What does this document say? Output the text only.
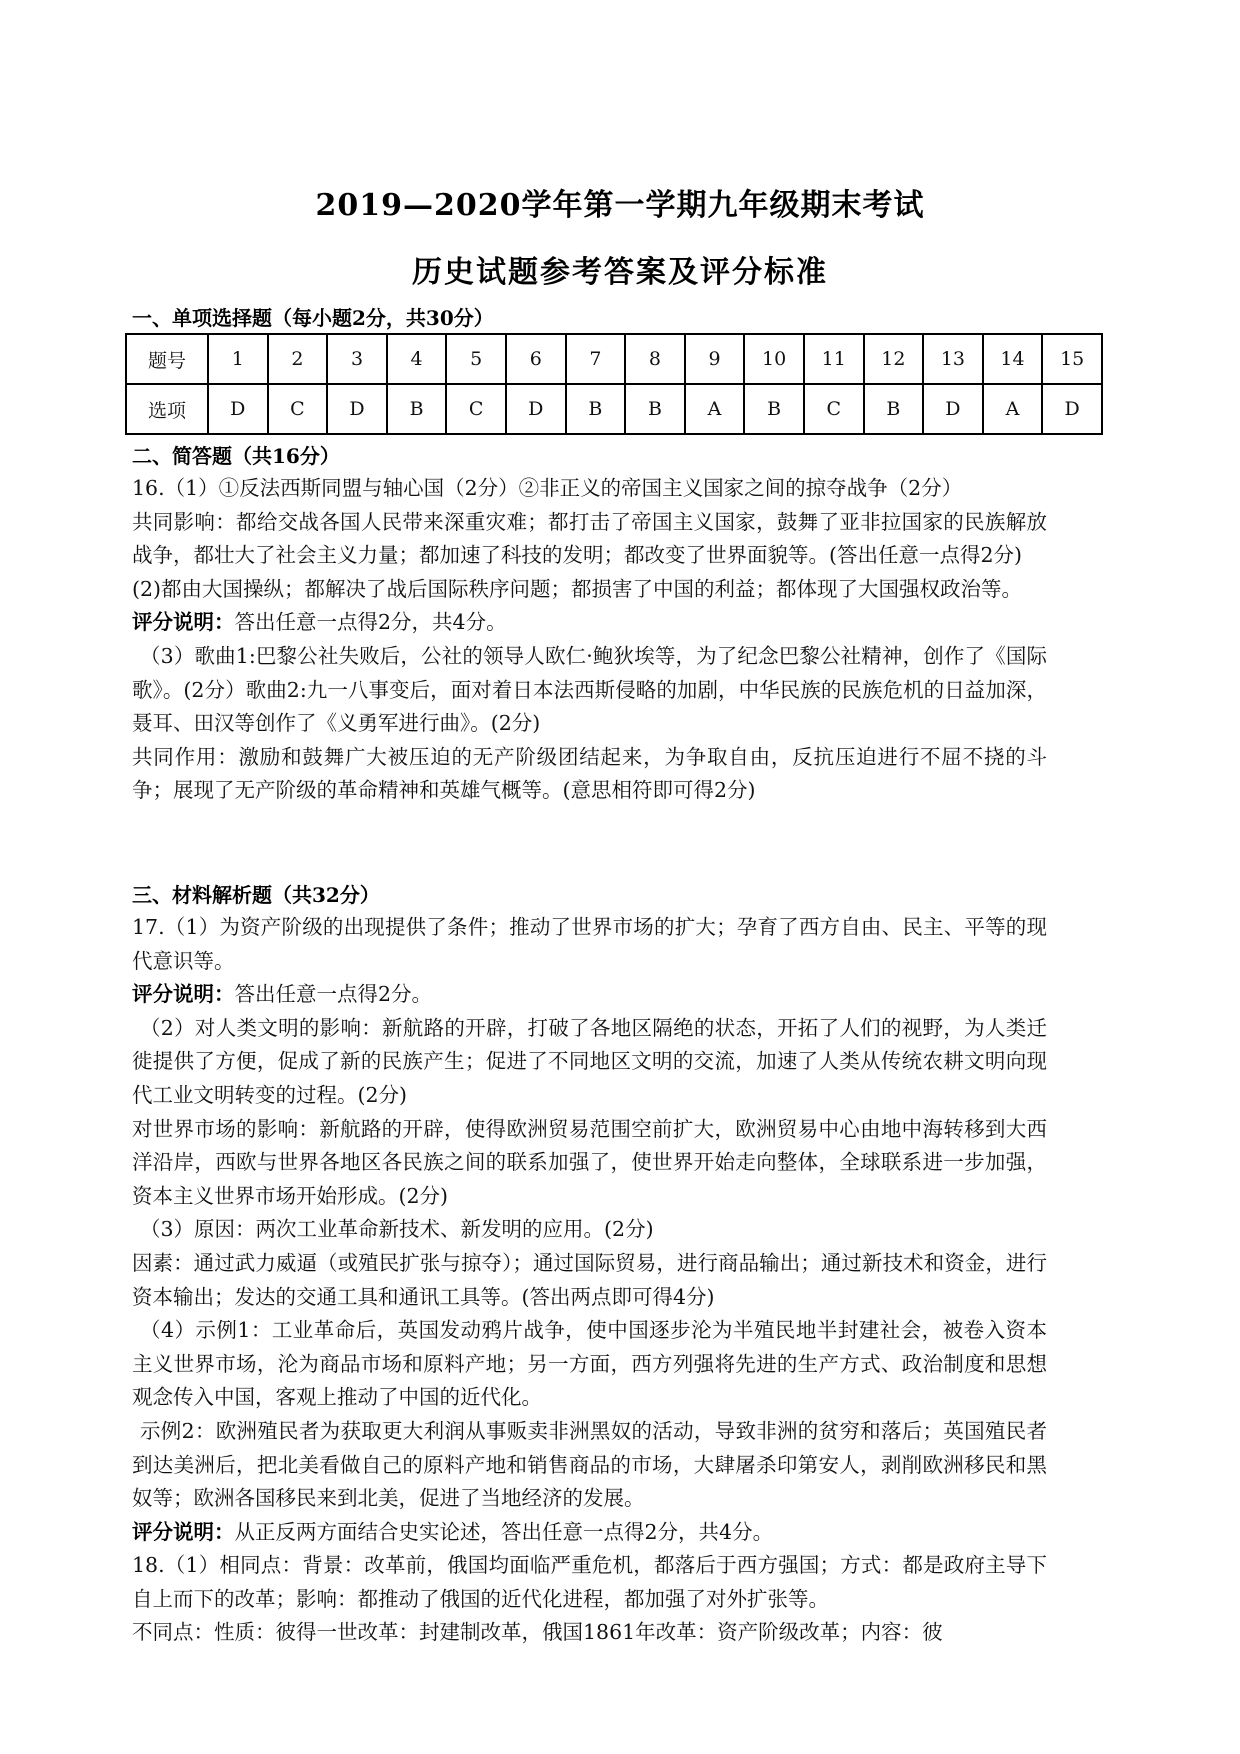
2019—2020学年第一学期九年级期末考试
历史试题参考答案及评分标准
一、单项选择题（每小题2分，共30分）
题号	1	2	3	4	5	6	7	8	9	10	11	12	13	14	15
选项	D	C	D	B	C	D	B	B	A	B	C	B	D	A	D
二、简答题（共16分）

16.（1）①反法西斯同盟与轴心国（2分）②非正义的帝国主义国家之间的掠夺战争（2分）

共同影响：都给交战各国人民带来深重灾难；都打击了帝国主义国家，鼓舞了亚非拉国家的民族解放战争，都壮大了社会主义力量；都加速了科技的发明；都改变了世界面貌等。(答出任意一点得2分)

(2)都由大国操纵；都解决了战后国际秩序问题；都损害了中国的利益；都体现了大国强权政治等。

评分说明：答出任意一点得2分，共4分。

（3）歌曲1:巴黎公社失败后，公社的领导人欧仁·鲍狄埃等，为了纪念巴黎公社精神，创作了《国际歌》。(2分）歌曲2:九一八事变后，面对着日本法西斯侵略的加剧，中华民族的民族危机的日益加深，聂耳、田汉等创作了《义勇军进行曲》。(2分)

共同作用：激励和鼓舞广大被压迫的无产阶级团结起来，为争取自由，反抗压迫进行不屈不挠的斗争；展现了无产阶级的革命精神和英雄气概等。(意思相符即可得2分)

三、材料解析题（共32分）

17.（1）为资产阶级的出现提供了条件；推动了世界市场的扩大；孕育了西方自由、民主、平等的现代意识等。

评分说明：答出任意一点得2分。

（2）对人类文明的影响：新航路的开辟，打破了各地区隔绝的状态，开拓了人们的视野，为人类迁徙提供了方便，促成了新的民族产生；促进了不同地区文明的交流，加速了人类从传统农耕文明向现代工业文明转变的过程。(2分)

对世界市场的影响：新航路的开辟，使得欧洲贸易范围空前扩大，欧洲贸易中心由地中海转移到大西洋沿岸，西欧与世界各地区各民族之间的联系加强了，使世界开始走向整体，全球联系进一步加强，资本主义世界市场开始形成。(2分)

（3）原因：两次工业革命新技术、新发明的应用。(2分)

因素：通过武力威逼（或殖民扩张与掠夺）；通过国际贸易，进行商品输出；通过新技术和资金，进行资本输出；发达的交通工具和通讯工具等。(答出两点即可得4分)

（4）示例1：工业革命后，英国发动鸦片战争，使中国逐步沦为半殖民地半封建社会，被卷入资本主义世界市场，沦为商品市场和原料产地；另一方面，西方列强将先进的生产方式、政治制度和思想观念传入中国，客观上推动了中国的近代化。

示例2：欧洲殖民者为获取更大利润从事贩卖非洲黑奴的活动，导致非洲的贫穷和落后；英国殖民者到达美洲后，把北美看做自己的原料产地和销售商品的市场，大肆屠杀印第安人，剥削欧洲移民和黑奴等；欧洲各国移民来到北美，促进了当地经济的发展。

评分说明：从正反两方面结合史实论述，答出任意一点得2分，共4分。

18.（1）相同点：背景：改革前，俄国均面临严重危机，都落后于西方强国；方式：都是政府主导下自上而下的改革；影响：都推动了俄国的近代化进程，都加强了对外扩张等。

不同点：性质：彼得一世改革：封建制改革，俄国1861年改革：资产阶级改革；内容：彼
